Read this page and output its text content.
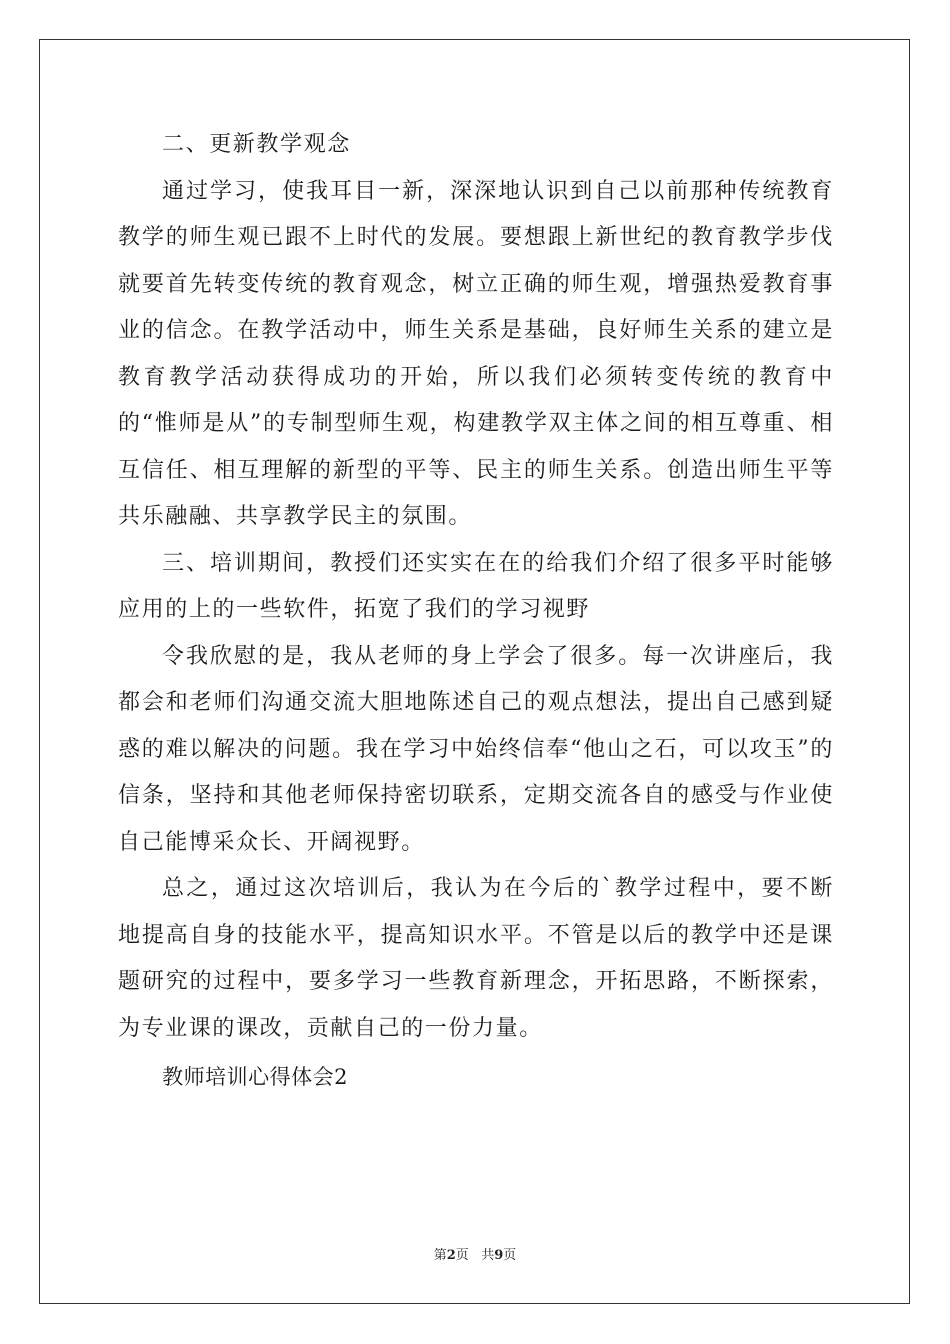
二、更新教学观念

通过学习，使我耳目一新，深深地认识到自己以前那种传统教育教学的师生观已跟不上时代的发展。要想跟上新世纪的教育教学步伐就要首先转变传统的教育观念，树立正确的师生观，增强热爱教育事业的信念。在教学活动中，师生关系是基础，良好师生关系的建立是教育教学活动获得成功的开始，所以我们必须转变传统的教育中的“惟师是从”的专制型师生观，构建教学双主体之间的相互尊重、相互信任、相互理解的新型的平等、民主的师生关系。创造出师生平等共乐融融、共享教学民主的氛围。

三、培训期间，教授们还实实在在的给我们介绍了很多平时能够应用的上的一些软件，拓宽了我们的学习视野

令我欣慰的是，我从老师的身上学会了很多。每一次讲座后，我都会和老师们沟通交流大胆地陈述自己的观点想法，提出自己感到疑惑的难以解决的问题。我在学习中始终信奉“他山之石，可以攻玉”的信条，坚持和其他老师保持密切联系，定期交流各自的感受与作业使自己能博采众长、开阔视野。

总之，通过这次培训后，我认为在今后的`教学过程中，要不断地提高自身的技能水平，提高知识水平。不管是以后的教学中还是课题研究的过程中，要多学习一些教育新理念，开拓思路，不断探索，为专业课的课改，贡献自己的一份力量。

教师培训心得体会2

第2页   共9页
